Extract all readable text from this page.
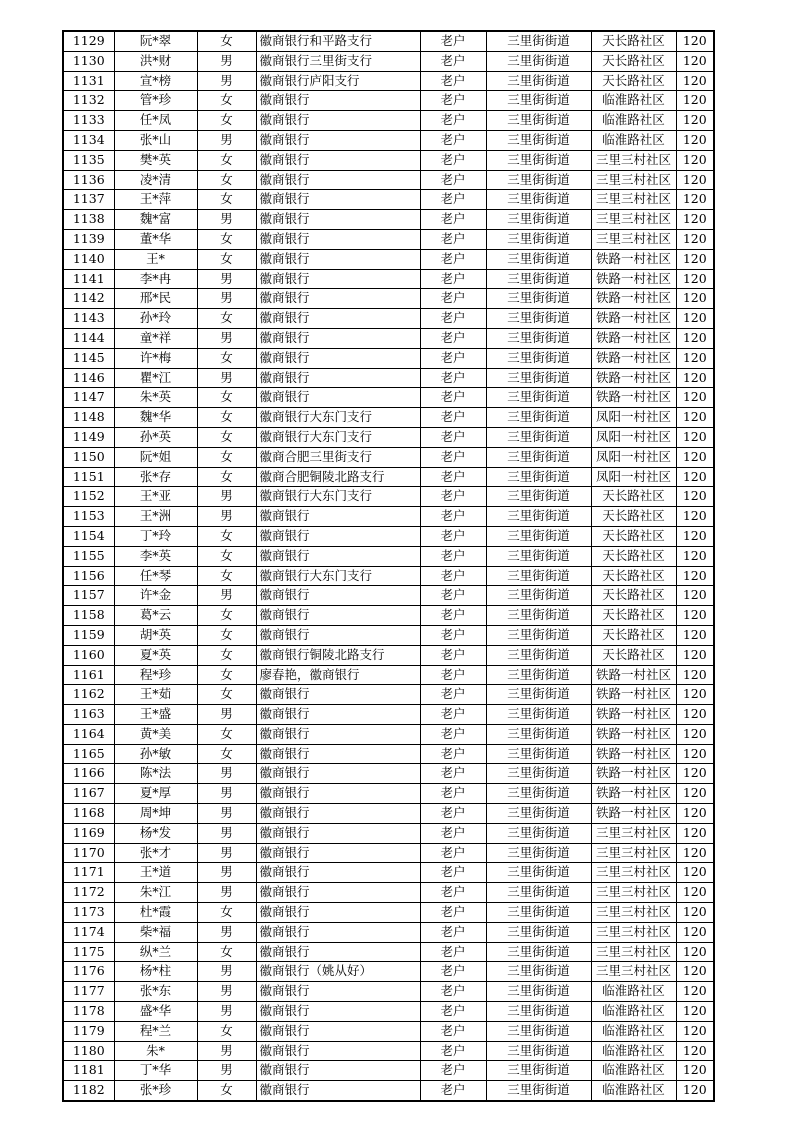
1129	阮*翠	女	徽商银行和平路支行	老户	三里街街道	天长路社区	120
1130	洪*财	男	徽商银行三里街支行	老户	三里街街道	天长路社区	120
1131	宣*榜	男	徽商银行庐阳支行	老户	三里街街道	天长路社区	120
1132	管*珍	女	徽商银行	老户	三里街街道	临淮路社区	120
1133	任*凤	女	徽商银行	老户	三里街街道	临淮路社区	120
1134	张*山	男	徽商银行	老户	三里街街道	临淮路社区	120
1135	樊*英	女	徽商银行	老户	三里街街道	三里三村社区	120
1136	凌*清	女	徽商银行	老户	三里街街道	三里三村社区	120
1137	王*萍	女	徽商银行	老户	三里街街道	三里三村社区	120
1138	魏*富	男	徽商银行	老户	三里街街道	三里三村社区	120
1139	董*华	女	徽商银行	老户	三里街街道	三里三村社区	120
1140	王*	女	徽商银行	老户	三里街街道	铁路一村社区	120
1141	李*冉	男	徽商银行	老户	三里街街道	铁路一村社区	120
1142	邢*民	男	徽商银行	老户	三里街街道	铁路一村社区	120
1143	孙*玲	女	徽商银行	老户	三里街街道	铁路一村社区	120
1144	童*祥	男	徽商银行	老户	三里街街道	铁路一村社区	120
1145	许*梅	女	徽商银行	老户	三里街街道	铁路一村社区	120
1146	瞿*江	男	徽商银行	老户	三里街街道	铁路一村社区	120
1147	朱*英	女	徽商银行	老户	三里街街道	铁路一村社区	120
1148	魏*华	女	徽商银行大东门支行	老户	三里街街道	凤阳一村社区	120
1149	孙*英	女	徽商银行大东门支行	老户	三里街街道	凤阳一村社区	120
1150	阮*姐	女	徽商合肥三里街支行	老户	三里街街道	凤阳一村社区	120
1151	张*存	女	徽商合肥铜陵北路支行	老户	三里街街道	凤阳一村社区	120
1152	王*亚	男	徽商银行大东门支行	老户	三里街街道	天长路社区	120
1153	王*洲	男	徽商银行	老户	三里街街道	天长路社区	120
1154	丁*玲	女	徽商银行	老户	三里街街道	天长路社区	120
1155	李*英	女	徽商银行	老户	三里街街道	天长路社区	120
1156	任*琴	女	徽商银行大东门支行	老户	三里街街道	天长路社区	120
1157	许*金	男	徽商银行	老户	三里街街道	天长路社区	120
1158	葛*云	女	徽商银行	老户	三里街街道	天长路社区	120
1159	胡*英	女	徽商银行	老户	三里街街道	天长路社区	120
1160	夏*英	女	徽商银行铜陵北路支行	老户	三里街街道	天长路社区	120
1161	程*珍	女	廖春艳，徽商银行	老户	三里街街道	铁路一村社区	120
1162	王*茹	女	徽商银行	老户	三里街街道	铁路一村社区	120
1163	王*盛	男	徽商银行	老户	三里街街道	铁路一村社区	120
1164	黄*美	女	徽商银行	老户	三里街街道	铁路一村社区	120
1165	孙*敏	女	徽商银行	老户	三里街街道	铁路一村社区	120
1166	陈*法	男	徽商银行	老户	三里街街道	铁路一村社区	120
1167	夏*厚	男	徽商银行	老户	三里街街道	铁路一村社区	120
1168	周*坤	男	徽商银行	老户	三里街街道	铁路一村社区	120
1169	杨*发	男	徽商银行	老户	三里街街道	三里三村社区	120
1170	张*才	男	徽商银行	老户	三里街街道	三里三村社区	120
1171	王*道	男	徽商银行	老户	三里街街道	三里三村社区	120
1172	朱*江	男	徽商银行	老户	三里街街道	三里三村社区	120
1173	杜*霞	女	徽商银行	老户	三里街街道	三里三村社区	120
1174	柴*福	男	徽商银行	老户	三里街街道	三里三村社区	120
1175	纵*兰	女	徽商银行	老户	三里街街道	三里三村社区	120
1176	杨*柱	男	徽商银行（姚从好）	老户	三里街街道	三里三村社区	120
1177	张*东	男	徽商银行	老户	三里街街道	临淮路社区	120
1178	盛*华	男	徽商银行	老户	三里街街道	临淮路社区	120
1179	程*兰	女	徽商银行	老户	三里街街道	临淮路社区	120
1180	朱*	男	徽商银行	老户	三里街街道	临淮路社区	120
1181	丁*华	男	徽商银行	老户	三里街街道	临淮路社区	120
1182	张*珍	女	徽商银行	老户	三里街街道	临淮路社区	120
